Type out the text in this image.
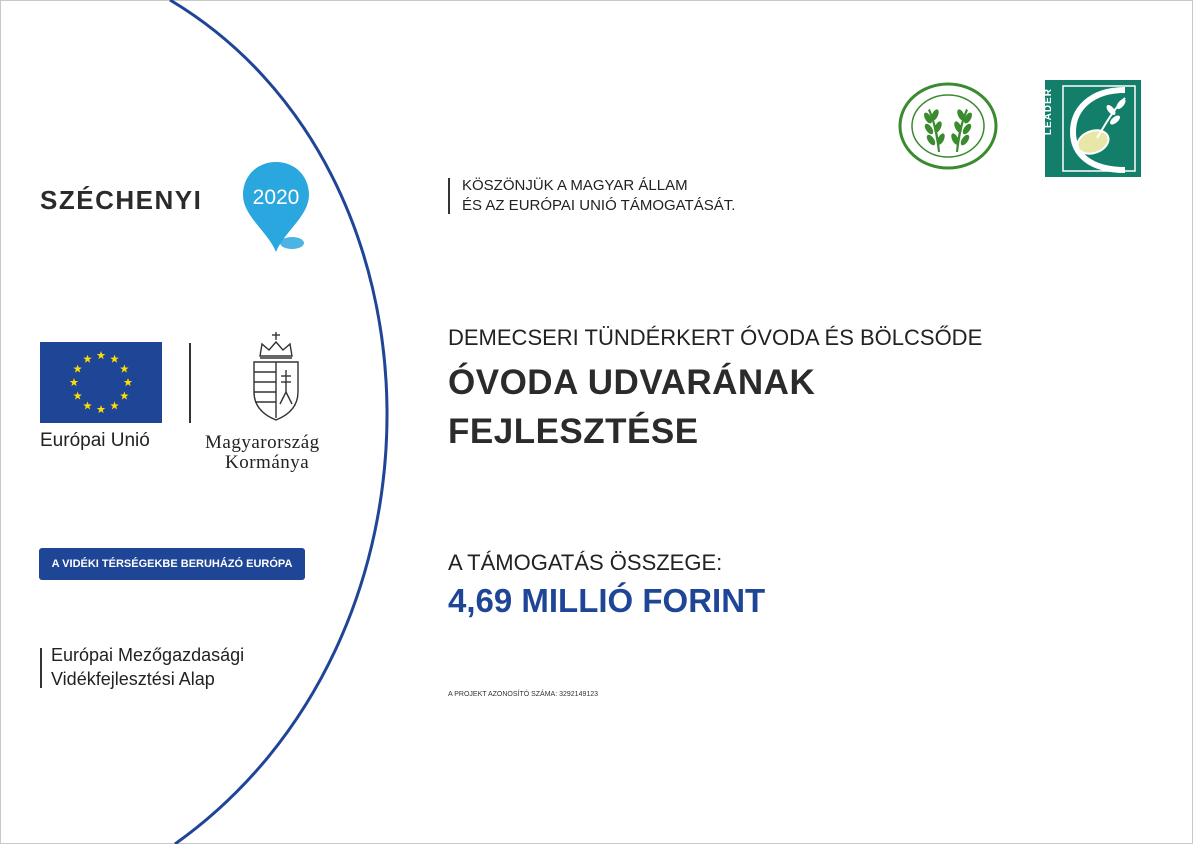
SZÉCHENYI 2020
Európai Unió	Magyarország
Kormánya
A VIDÉKI TÉRSÉGEKBE BERUHÁZÓ EURÓPA
Európai Mezőgazdasági
Vidékfejlesztési Alap
KÖSZÖNJÜK A MAGYAR ÁLLAM
ÉS AZ EURÓPAI UNIÓ TÁMOGATÁSÁT.
DEMECSERI TÜNDÉRKERT ÓVODA ÉS BÖLCSŐDE
ÓVODA UDVARÁNAK
FEJLESZTÉSE
A TÁMOGATÁS ÖSSZEGE:
4,69 MILLIÓ FORINT
A PROJEKT AZONOSÍTÓ SZÁMA: 3292149123
LEADER
